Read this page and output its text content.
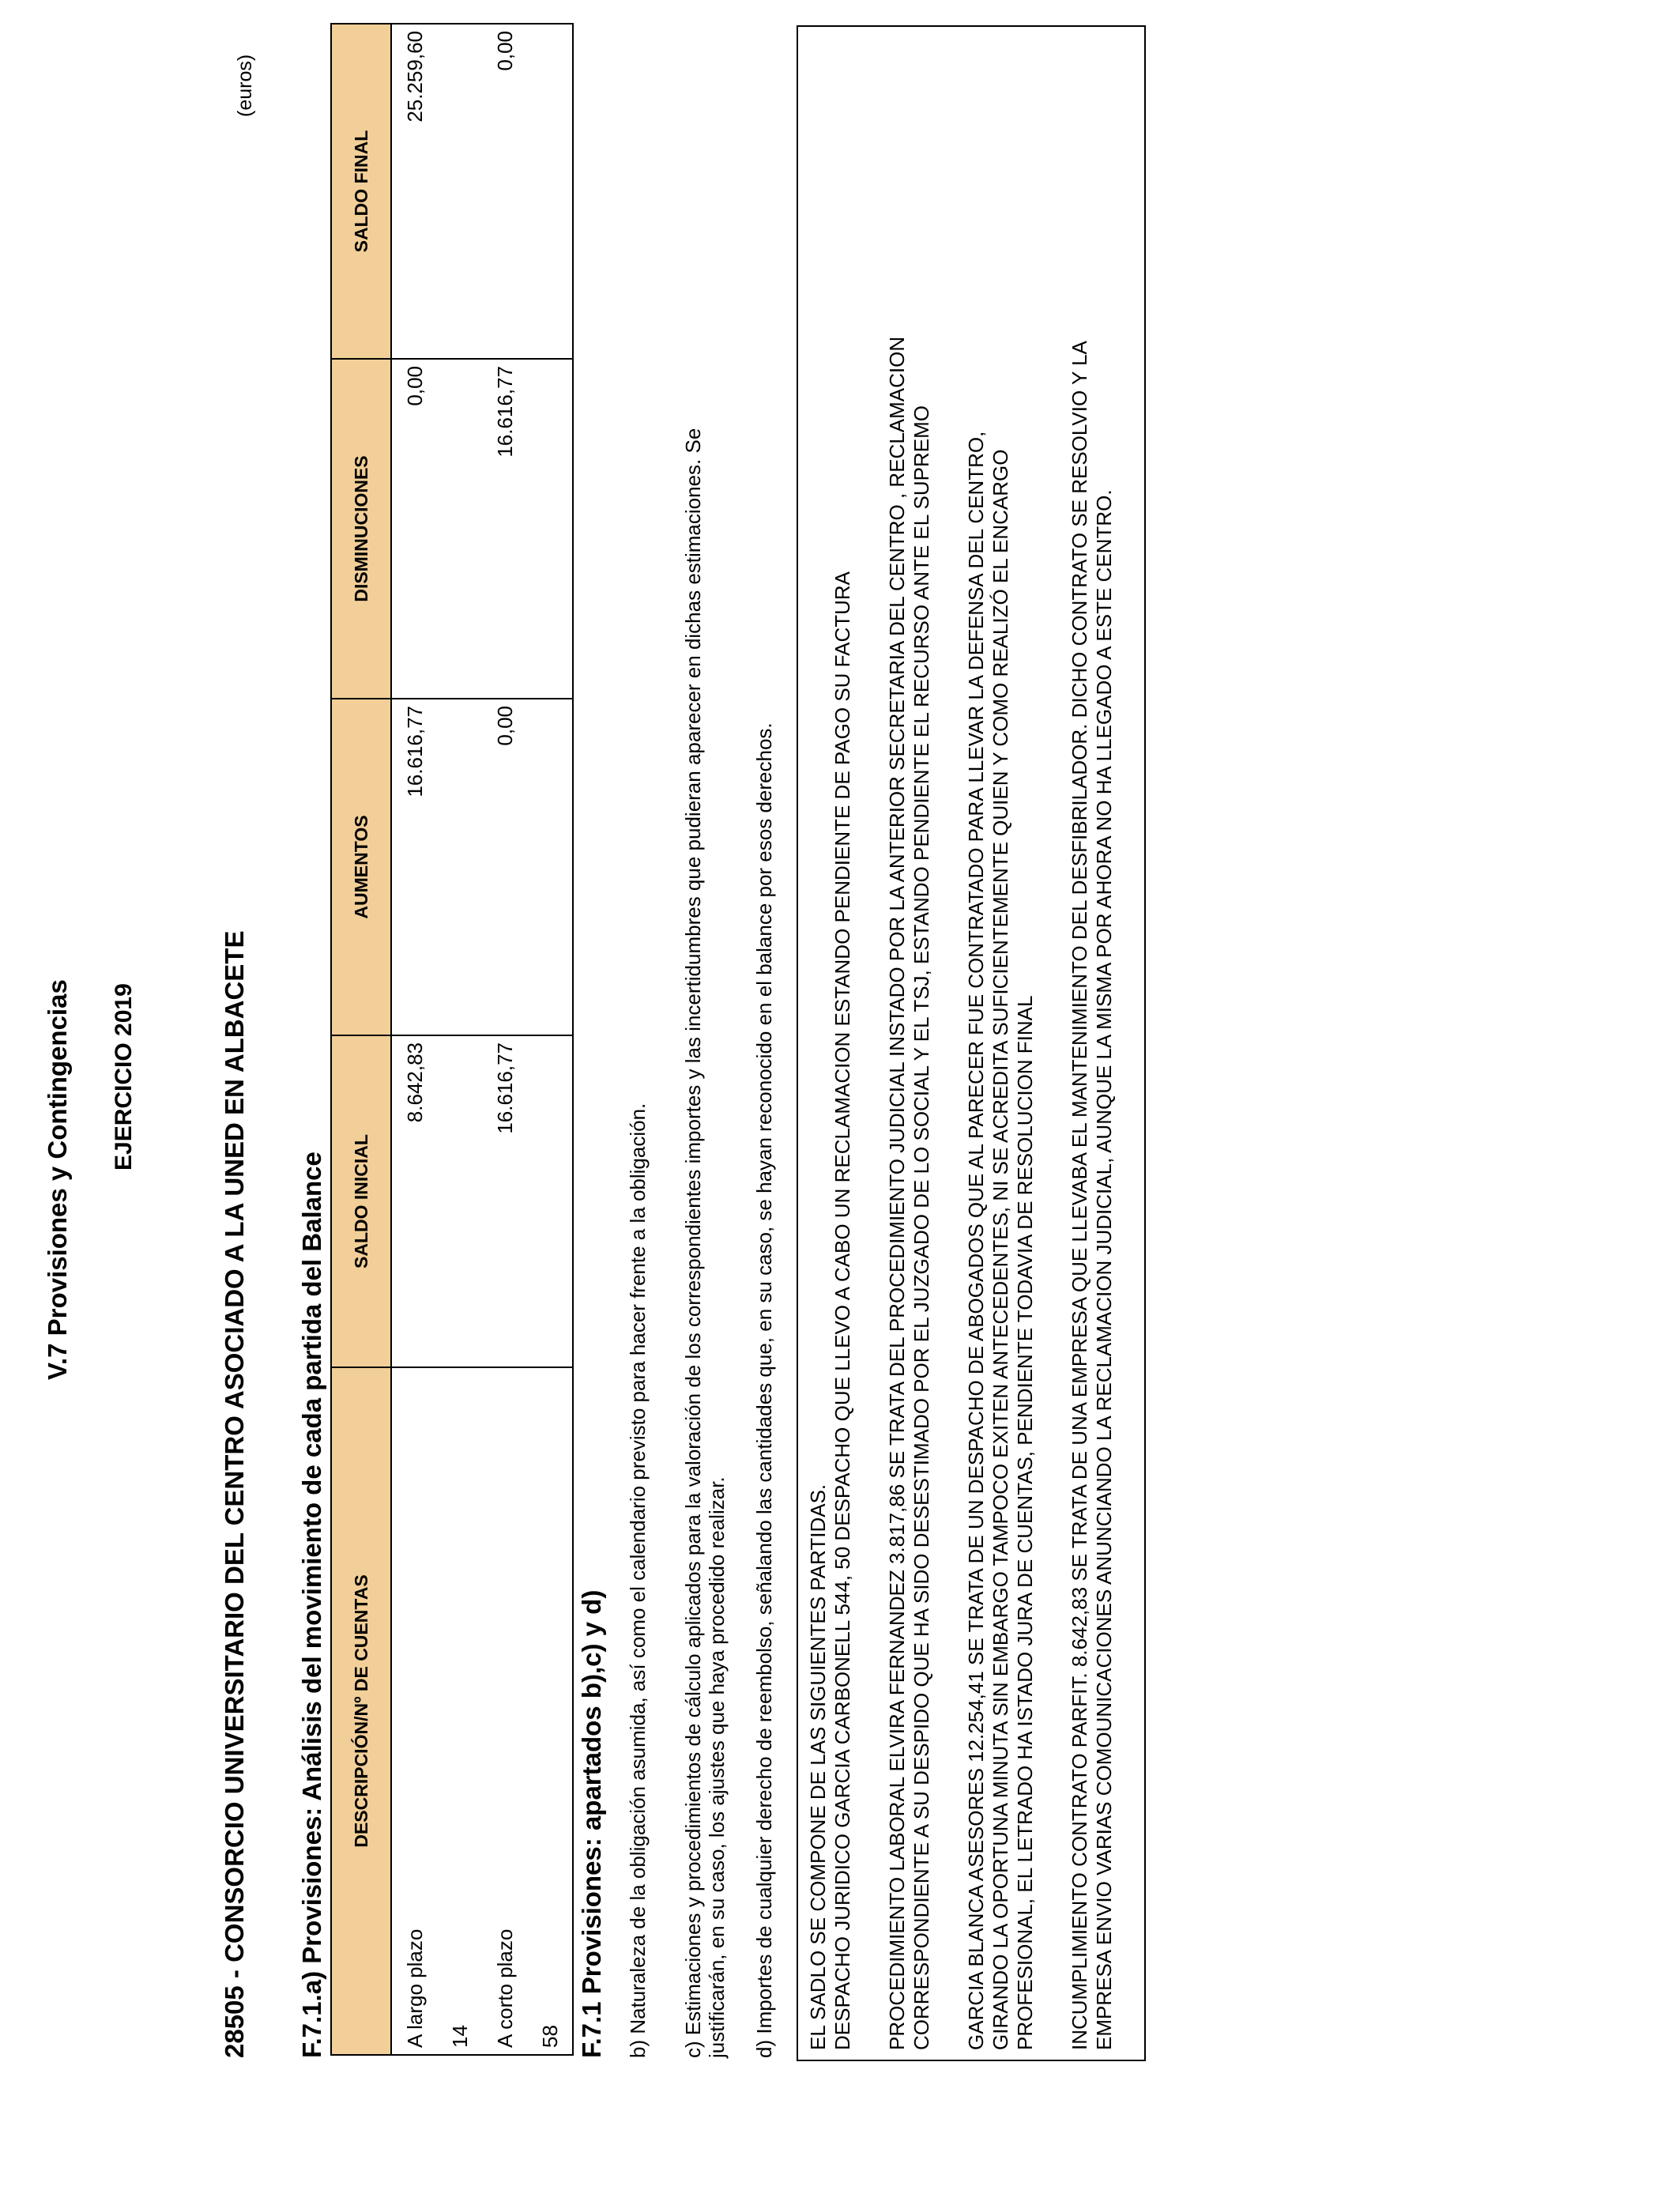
V.7 Provisiones y Contingencias EJERCICIO 2019
(euros)
28505 - CONSORCIO UNIVERSITARIO DEL CENTRO ASOCIADO A LA UNED EN ALBACETE F.7.1.a) Provisiones: Análisis del movimiento de cada partida del Balance DESCRIPCIÓN/Nº DE CUENTAS	SALDO INICIAL	AUMENTOS	DISMINUCIONES	SALDO FINAL

A largo plazo 14	8.642,83	16.616,77	0,00	25.259,60

A corto plazo 58	16.616,77	0,00	16.616,77	0,00
F.7.1 Provisiones: apartados b),c) y d) b) Naturaleza de la obligación asumida, así como el calendario previsto para hacer frente a la obligación. c) Estimaciones y procedimientos de cálculo aplicados para la valoración de los correspondientes importes y las incertidumbres que pudieran aparecer en dichas estimaciones. Se justificarán, en su caso, los ajustes que haya procedido realizar. d) Importes de cualquier derecho de reembolso, señalando las cantidades que, en su caso, se hayan reconocido en el balance por esos derechos. EL SADLO SE COMPONE DE LAS SIGUIENTES PARTIDAS. DESPACHO JURIDICO GARCIA CARBONELL 544, 50 DESPACHO QUE LLEVO A CABO UN RECLAMACION ESTANDO PENDIENTE DE PAGO SU FACTURA PROCEDIMIENTO LABORAL ELVIRA FERNANDEZ 3.817,86 SE TRATA DEL PROCEDIMIENTO JUDICIAL INSTADO POR LA ANTERIOR SECRETARIA DEL CENTRO , RECLAMACION CORRESPONDIENTE A SU DESPIDO QUE HA SIDO DESESTIMADO POR EL JUZGADO DE LO SOCIAL Y EL TSJ, ESTANDO PENDIENTE EL RECURSO ANTE EL SUPREMO GARCIA BLANCA ASESORES 12.254,41 SE TRATA DE UN DESPACHO DE ABOGADOS QUE AL PARECER FUE CONTRATADO PARA LLEVAR LA DEFENSA DEL CENTRO, GIRANDO LA OPORTUNA MINUTA SIN EMBARGO TAMPOCO EXITEN ANTECEDENTES, NI SE ACREDITA SUFICIENTEMENTE QUIEN Y COMO REALIZÓ EL ENCARGO PROFESIONAL, EL LETRADO HA ISTADO JURA DE CUENTAS, PENDIENTE TODAVIA DE RESOLUCION FINAL INCUMPLIMIENTO CONTRATO PARFIT. 8.642,83 SE TRATA DE UNA EMPRESA QUE LLEVABA EL MANTENIMIENTO DEL DESFIBRILADOR. DICHO CONTRATO SE RESOLVIO Y LA EMPRESA ENVIO VARIAS COMOUNICACIONES ANUNCIANDO LA RECLAMACION JUDICIAL, AUNQUE LA MISMA POR AHORA NO HA LLEGADO A ESTE CENTRO.
